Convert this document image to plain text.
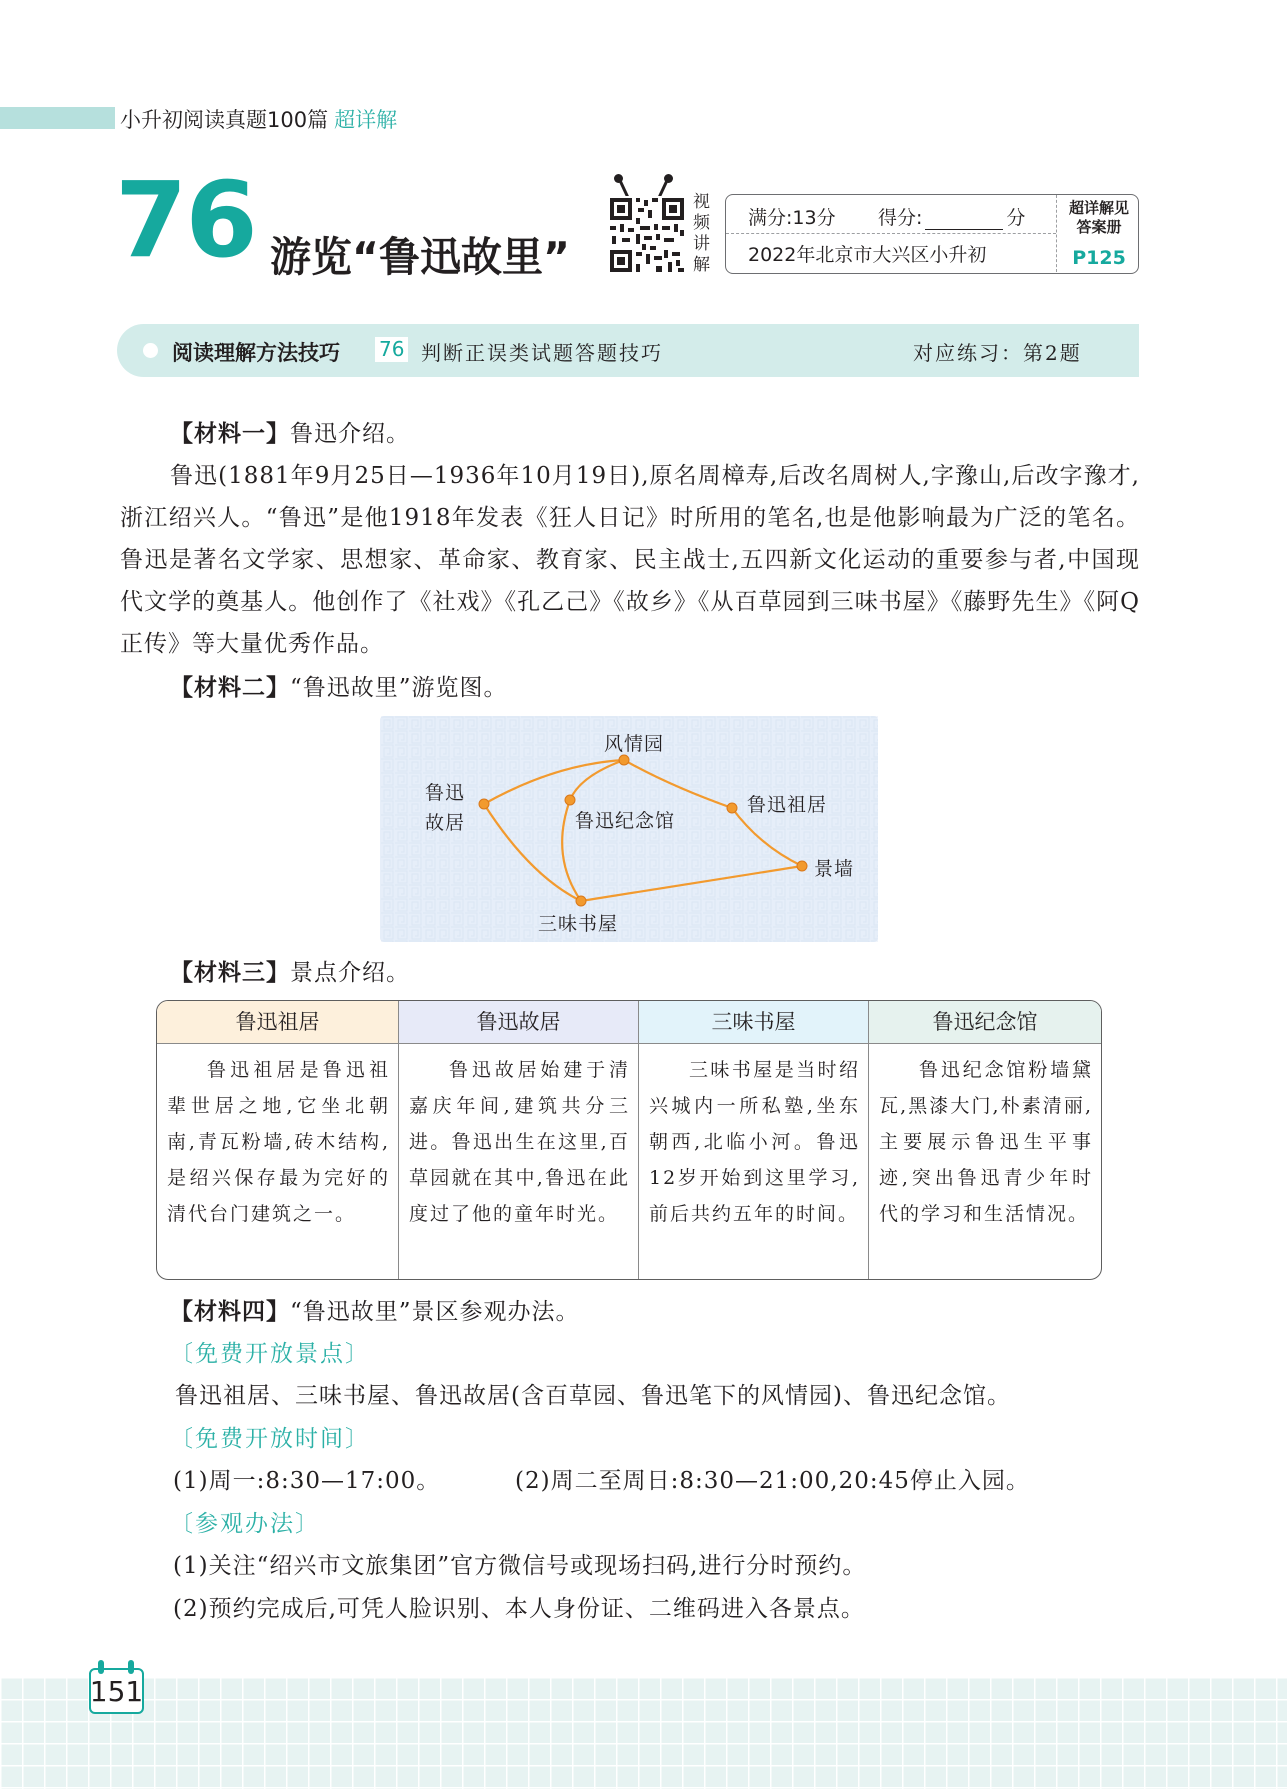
小升初阅读真题100篇 超详解
76 游览“鲁迅故里”
视
频
讲
解
满分:13分 得分:	分
2022年北京市大兴区小升初
超详解见
答案册
P125
阅读理解方法技巧 76 判断正误类试题答题技巧	对应练习：第2题
【材料一】鲁迅介绍。
鲁迅(1881年9月25日—1936年10月19日),原名周樟寿,后改名周树人,字豫山,后改字豫才,浙江绍兴人。“鲁迅”是他1918年发表《狂人日记》时所用的笔名,也是他影响最为广泛的笔名。鲁迅是著名文学家、思想家、革命家、教育家、民主战士,五四新文化运动的重要参与者,中国现代文学的奠基人。他创作了《社戏》《孔乙己》《故乡》《从百草园到三味书屋》《藤野先生》《阿Q正传》等大量优秀作品。
【材料二】“鲁迅故里”游览图。
风情园
鲁迅
故居	鲁迅纪念馆
鲁迅祖居
景墙
三味书屋
【材料三】景点介绍。
鲁迅祖居
鲁迅祖居是鲁迅祖辈世居之地,它坐北朝南,青瓦粉墙,砖木结构,是绍兴保存最为完好的清代台门建筑之一。
鲁迅故居
鲁迅故居始建于清嘉庆年间,建筑共分三进。鲁迅出生在这里,百草园就在其中,鲁迅在此度过了他的童年时光。
三味书屋
三味书屋是当时绍兴城内一所私塾,坐东朝西,北临小河。鲁迅12岁开始到这里学习,前后共约五年的时间。
鲁迅纪念馆
鲁迅纪念馆粉墙黛瓦,黑漆大门,朴素清丽,主要展示鲁迅生平事迹,突出鲁迅青少年时代的学习和生活情况。
【材料四】“鲁迅故里”景区参观办法。
〔免费开放景点〕
鲁迅祖居、三味书屋、鲁迅故居(含百草园、鲁迅笔下的风情园)、鲁迅纪念馆。
〔免费开放时间〕
(1)周一:8:30—17:00。	(2)周二至周日:8:30—21:00,20:45停止入园。
〔参观办法〕
(1)关注“绍兴市文旅集团”官方微信号或现场扫码,进行分时预约。
(2)预约完成后,可凭人脸识别、本人身份证、二维码进入各景点。
151
